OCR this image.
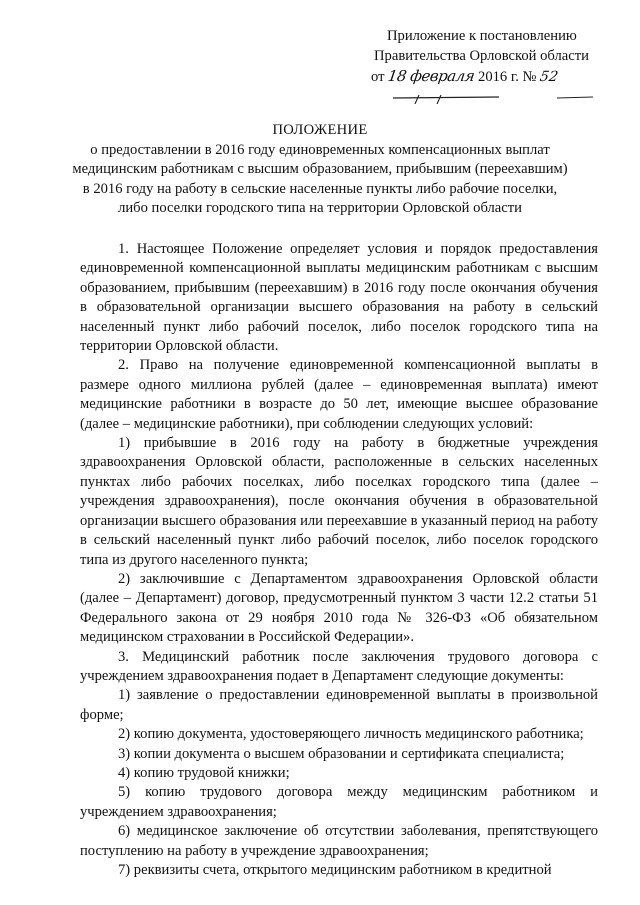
Приложение к постановлению
Правительства Орловской области
от 18 февраля 2016 г. № 52
ПОЛОЖЕНИЕ
о предоставлении в 2016 году единовременных компенсационных выплат медицинским работникам с высшим образованием, прибывшим (переехавшим) в 2016 году на работу в сельские населенные пункты либо рабочие поселки, либо поселки городского типа на территории Орловской области

1. Настоящее Положение определяет условия и порядок предоставления единовременной компенсационной выплаты медицинским работникам с высшим образованием, прибывшим (переехавшим) в 2016 году после окончания обучения в образовательной организации высшего образования на работу в сельский населенный пункт либо рабочий поселок, либо поселок городского типа на территории Орловской области.

2. Право на получение единовременной компенсационной выплаты в размере одного миллиона рублей (далее – единовременная выплата) имеют медицинские работники в возрасте до 50 лет, имеющие высшее образование (далее – медицинские работники), при соблюдении следующих условий:

1) прибывшие в 2016 году на работу в бюджетные учреждения здравоохранения Орловской области, расположенные в сельских населенных пунктах либо рабочих поселках, либо поселках городского типа (далее – учреждения здравоохранения), после окончания обучения в образовательной организации высшего образования или переехавшие в указанный период на работу в сельский населенный пункт либо рабочий поселок, либо поселок городского типа из другого населенного пункта;

2) заключившие с Департаментом здравоохранения Орловской области (далее – Департамент) договор, предусмотренный пунктом 3 части 12.2 статьи 51 Федерального закона от 29 ноября 2010 года № 326-ФЗ «Об обязательном медицинском страховании в Российской Федерации».

3. Медицинский работник после заключения трудового договора с учреждением здравоохранения подает в Департамент следующие документы:

1) заявление о предоставлении единовременной выплаты в произвольной форме;

2) копию документа, удостоверяющего личность медицинского работника;

3) копии документа о высшем образовании и сертификата специалиста;

4) копию трудовой книжки;

5) копию трудового договора между медицинским работником и учреждением здравоохранения;

6) медицинское заключение об отсутствии заболевания, препятствующего поступлению на работу в учреждение здравоохранения;

7) реквизиты счета, открытого медицинским работником в кредитной
